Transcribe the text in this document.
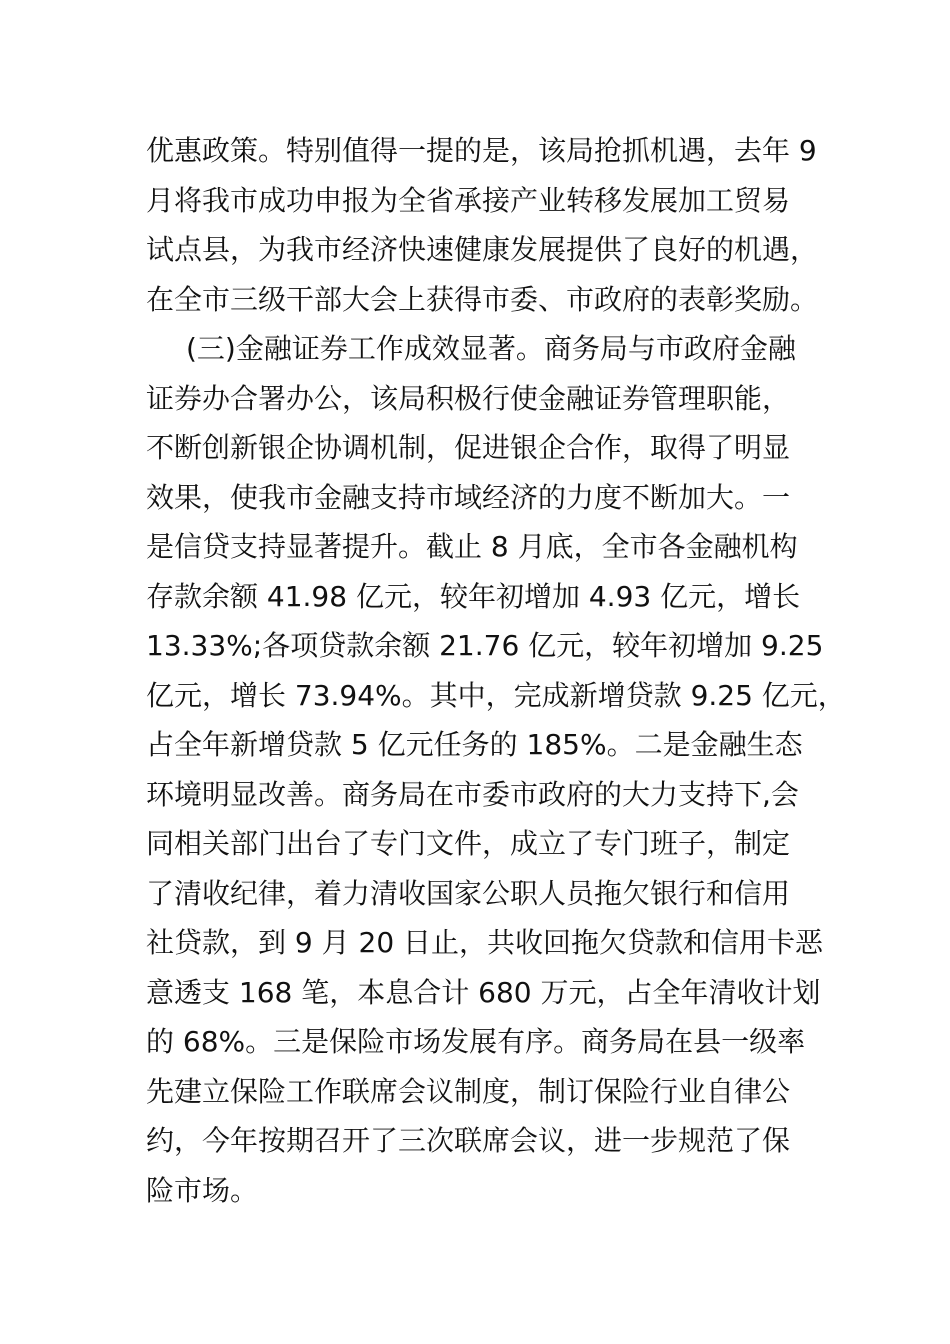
优惠政策。特别值得一提的是，该局抢抓机遇，去年 9
月将我市成功申报为全省承接产业转移发展加工贸易
试点县，为我市经济快速健康发展提供了良好的机遇，
在全市三级干部大会上获得市委、市政府的表彰奖励。
(三)金融证券工作成效显著。商务局与市政府金融
证券办合署办公，该局积极行使金融证券管理职能，
不断创新银企协调机制，促进银企合作，取得了明显
效果，使我市金融支持市域经济的力度不断加大。一
是信贷支持显著提升。截止 8 月底，全市各金融机构
存款余额 41.98 亿元，较年初增加 4.93 亿元，增长
13.33%;各项贷款余额 21.76 亿元，较年初增加 9.25
亿元，增长 73.94%。其中，完成新增贷款 9.25 亿元，
占全年新增贷款 5 亿元任务的 185%。二是金融生态
环境明显改善。商务局在市委市政府的大力支持下,会
同相关部门出台了专门文件，成立了专门班子，制定
了清收纪律，着力清收国家公职人员拖欠银行和信用
社贷款，到 9 月 20 日止，共收回拖欠贷款和信用卡恶
意透支 168 笔，本息合计 680 万元，占全年清收计划
的 68%。三是保险市场发展有序。商务局在县一级率
先建立保险工作联席会议制度，制订保险行业自律公
约，今年按期召开了三次联席会议，进一步规范了保
险市场。
